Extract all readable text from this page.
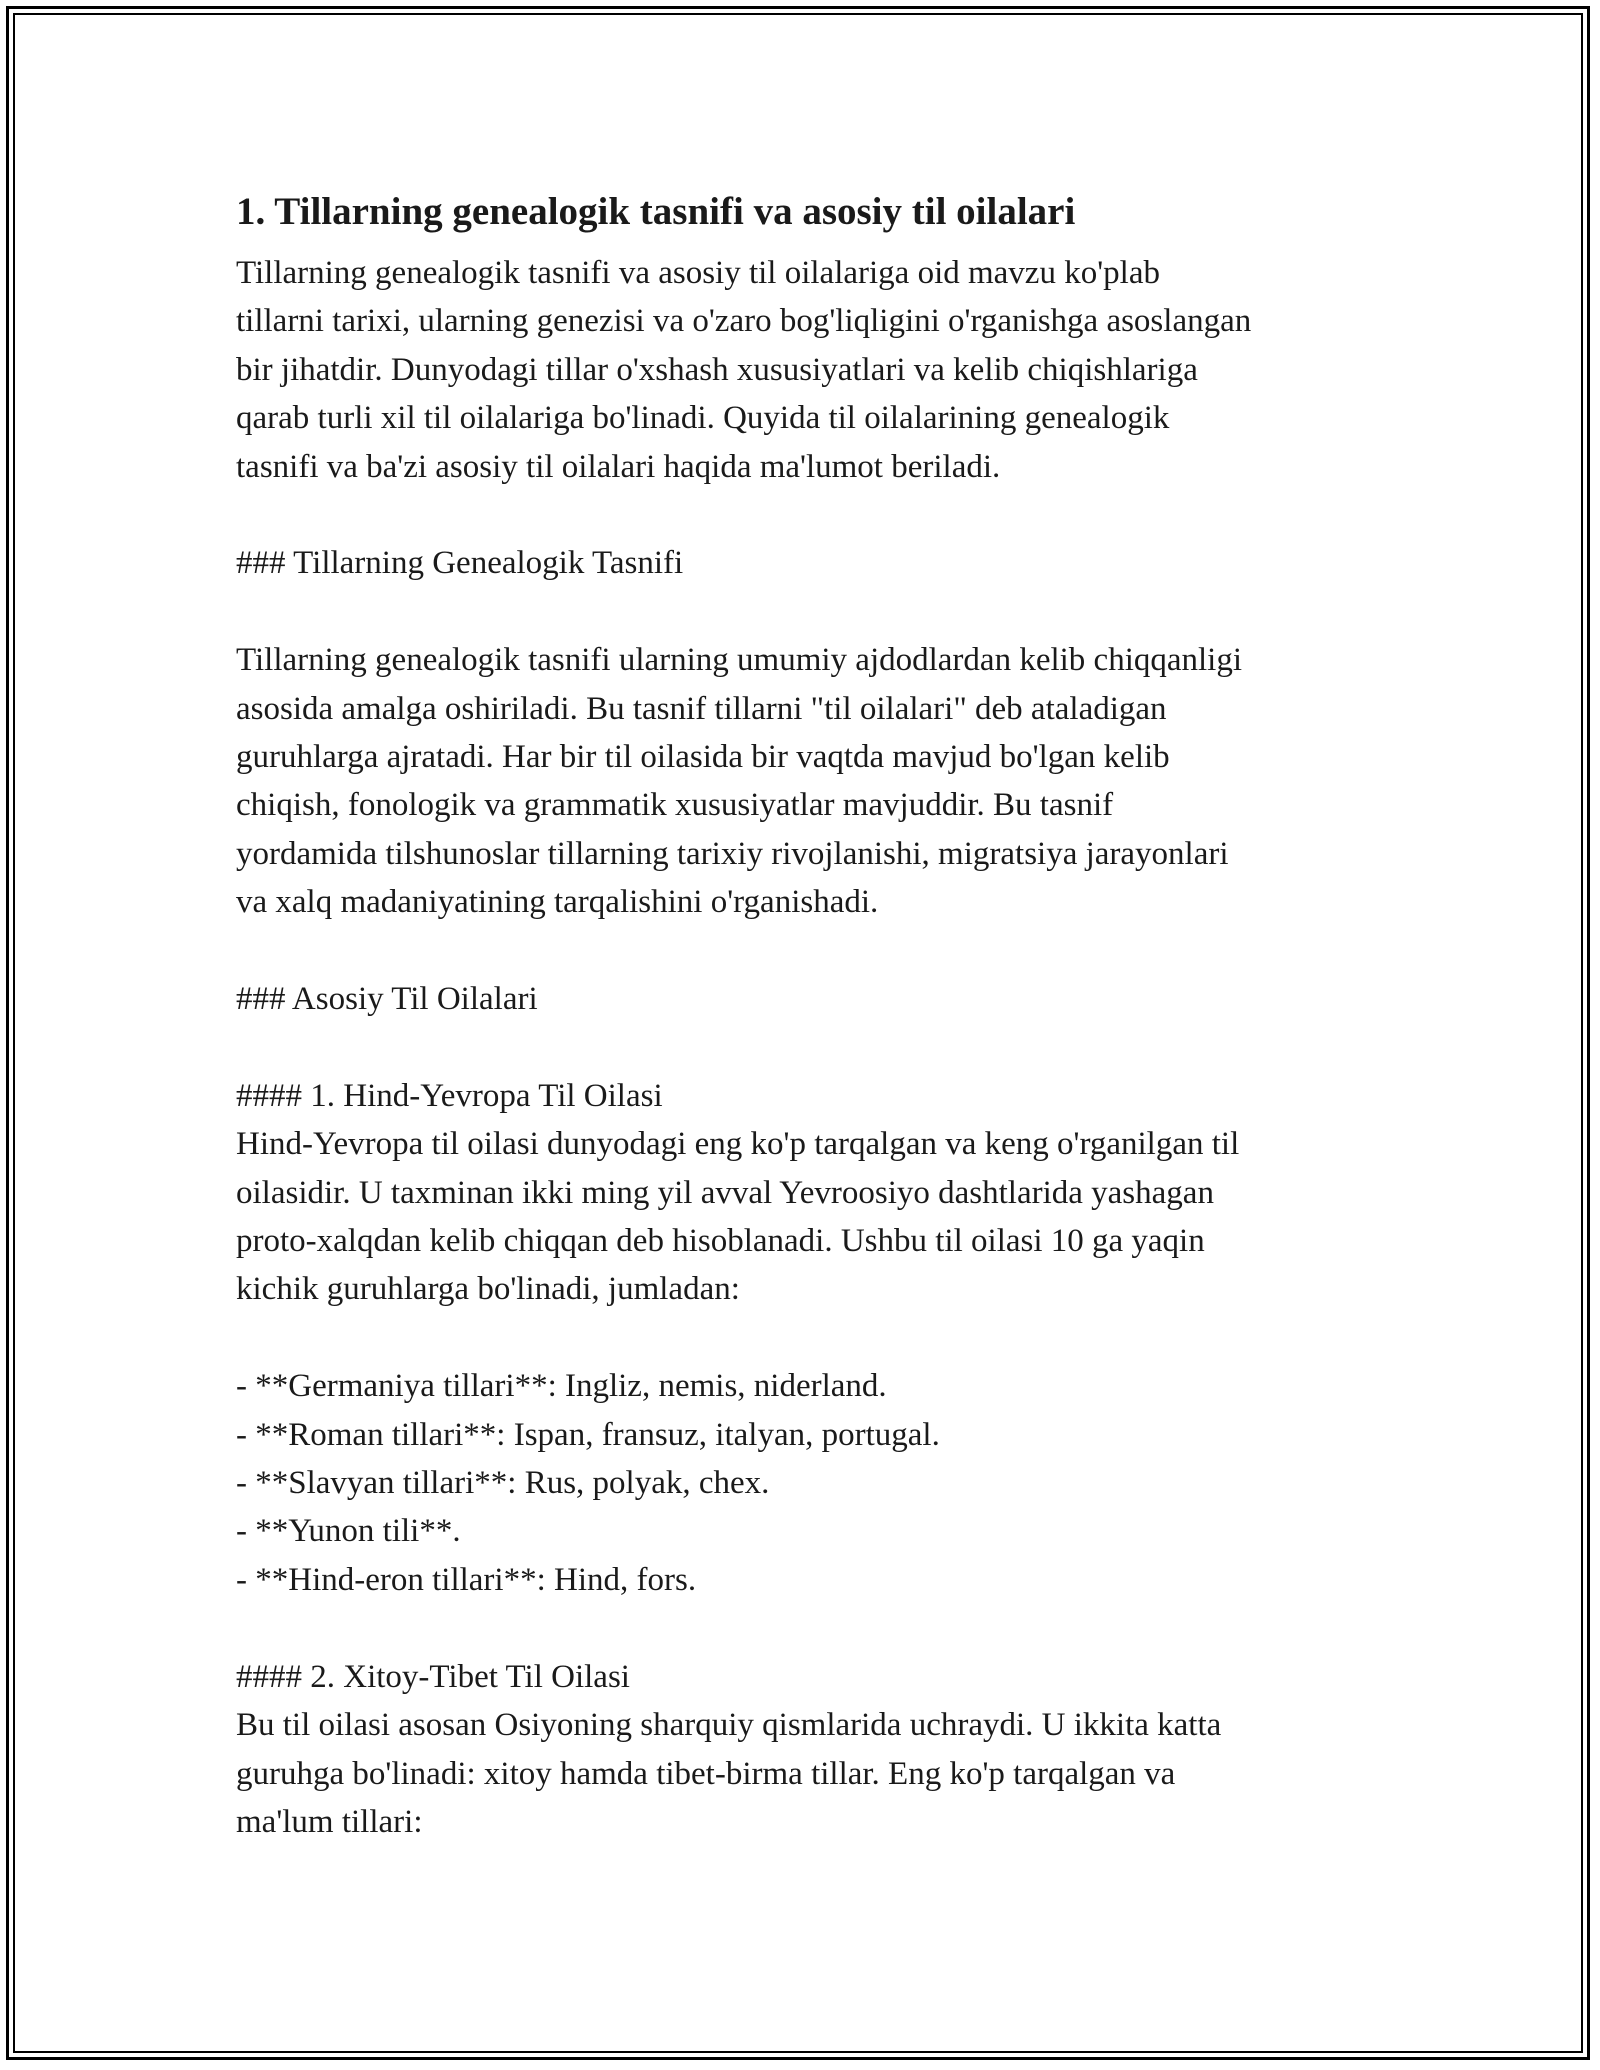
1. Tillarning genealogik tasnifi va asosiy til oilalari

Tillarning genealogik tasnifi va asosiy til oilalariga oid mavzu ko'plab
tillarni tarixi, ularning genezisi va o'zaro bog'liqligini o'rganishga asoslangan
bir jihatdir. Dunyodagi tillar o'xshash xususiyatlari va kelib chiqishlariga
qarab turli xil til oilalariga bo'linadi. Quyida til oilalarining genealogik
tasnifi va ba'zi asosiy til oilalari haqida ma'lumot beriladi.

### Tillarning Genealogik Tasnifi

Tillarning genealogik tasnifi ularning umumiy ajdodlardan kelib chiqqanligi
asosida amalga oshiriladi. Bu tasnif tillarni "til oilalari" deb ataladigan
guruhlarga ajratadi. Har bir til oilasida bir vaqtda mavjud bo'lgan kelib
chiqish, fonologik va grammatik xususiyatlar mavjuddir. Bu tasnif
yordamida tilshunoslar tillarning tarixiy rivojlanishi, migratsiya jarayonlari
va xalq madaniyatining tarqalishini o'rganishadi.

### Asosiy Til Oilalari

#### 1. Hind-Yevropa Til Oilasi

Hind-Yevropa til oilasi dunyodagi eng ko'p tarqalgan va keng o'rganilgan til
oilasidir. U taxminan ikki ming yil avval Yevroosiyo dashtlarida yashagan
proto-xalqdan kelib chiqqan deb hisoblanadi. Ushbu til oilasi 10 ga yaqin
kichik guruhlarga bo'linadi, jumladan:

- **Germaniya tillari**: Ingliz, nemis, niderland.

- **Roman tillari**: Ispan, fransuz, italyan, portugal.

- **Slavyan tillari**: Rus, polyak, chex.

- **Yunon tili**.

- **Hind-eron tillari**: Hind, fors.

#### 2. Xitoy-Tibet Til Oilasi

Bu til oilasi asosan Osiyoning sharquiy qismlarida uchraydi. U ikkita katta
guruhga bo'linadi: xitoy hamda tibet-birma tillar. Eng ko'p tarqalgan va
ma'lum tillari:
